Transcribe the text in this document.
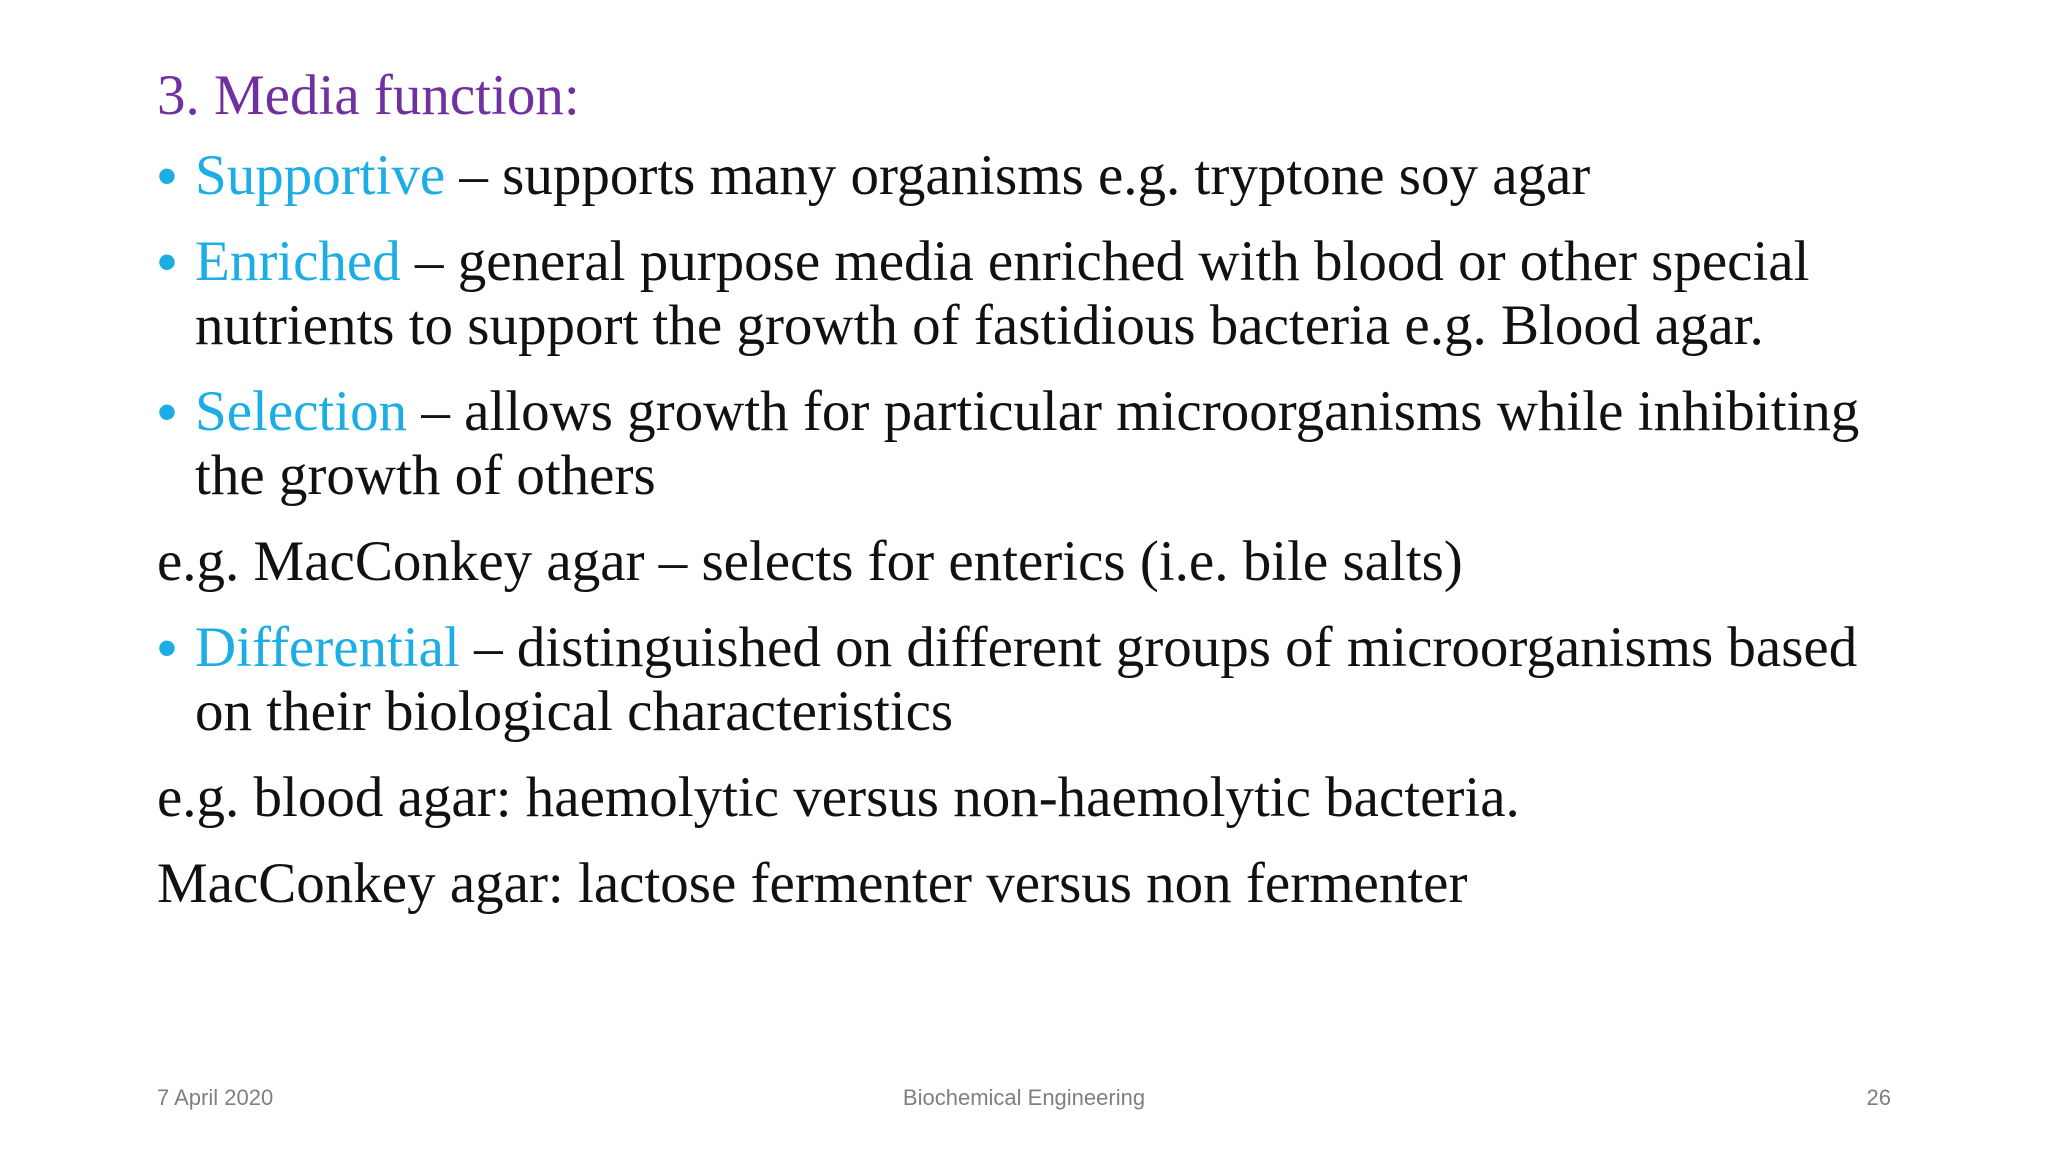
3. Media function:
• Supportive – supports many organisms e.g. tryptone soy agar
• Enriched – general purpose media enriched with blood or other special nutrients to support the growth of fastidious bacteria e.g. Blood agar.
• Selection – allows growth for particular microorganisms while inhibiting the growth of others
e.g. MacConkey agar – selects for enterics (i.e. bile salts)
• Differential – distinguished on different groups of microorganisms based on their biological characteristics
e.g. blood agar: haemolytic versus non-haemolytic bacteria.
MacConkey agar: lactose fermenter versus non fermenter
7 April 2020	Biochemical Engineering	26
